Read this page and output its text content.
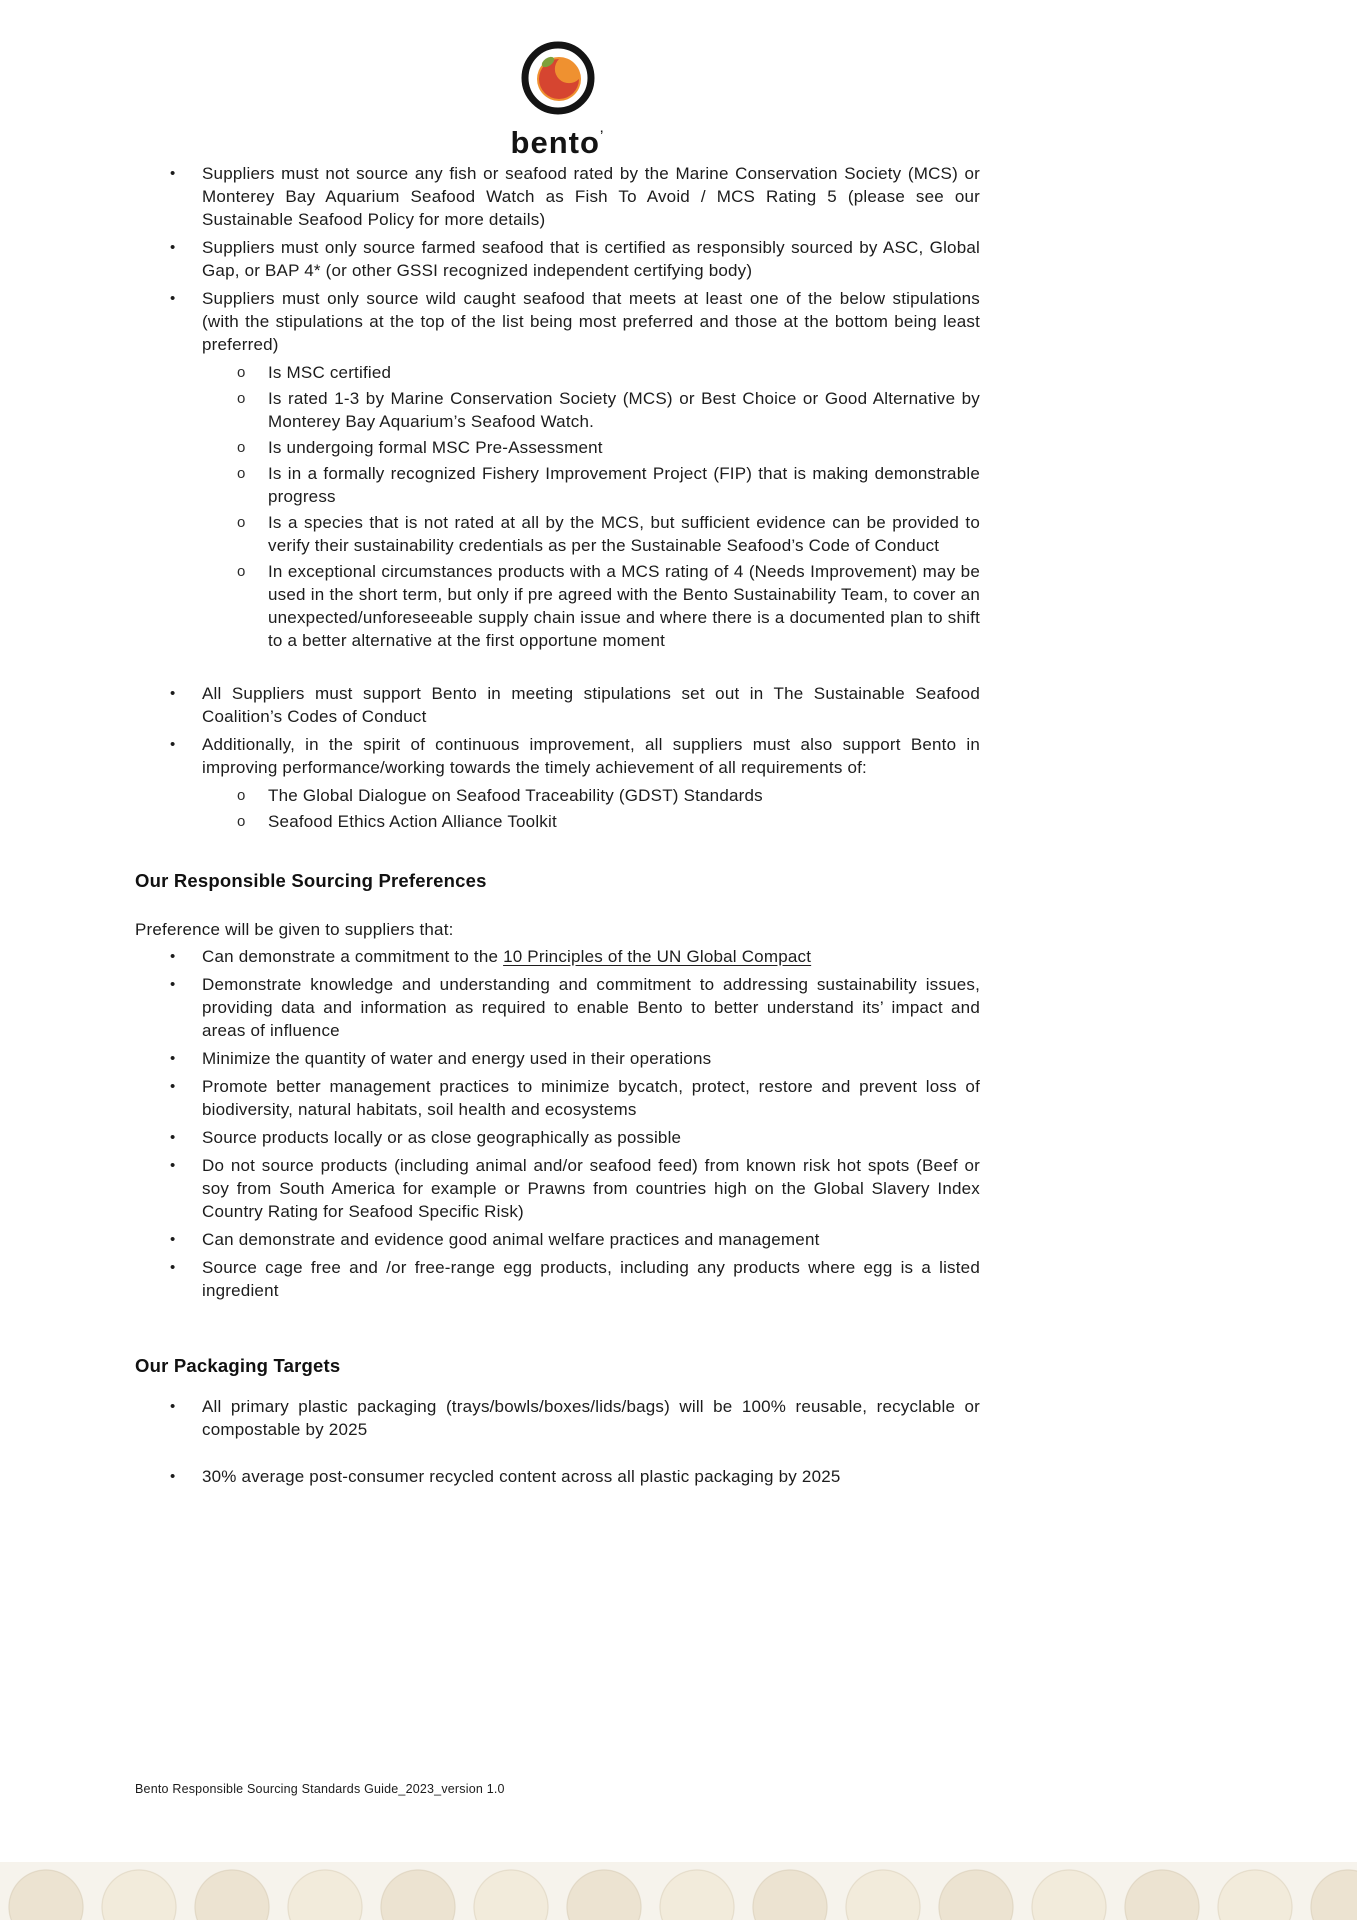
bento’
•	Suppliers must not source any fish or seafood rated by the Marine Conservation Society (MCS) or Monterey Bay Aquarium Seafood Watch as Fish To Avoid / MCS Rating 5 (please see our Sustainable Seafood Policy for more details)
•	Suppliers must only source farmed seafood that is certified as responsibly sourced by ASC, Global Gap, or BAP 4* (or other GSSI recognized independent certifying body)
•	Suppliers must only source wild caught seafood that meets at least one of the below stipulations (with the stipulations at the top of the list being most preferred and those at the bottom being least preferred)
o	Is MSC certified
o	Is rated 1-3 by Marine Conservation Society (MCS) or Best Choice or Good Alternative by Monterey Bay Aquarium’s Seafood Watch.
o	Is undergoing formal MSC Pre-Assessment
o	Is in a formally recognized Fishery Improvement Project (FIP) that is making demonstrable progress
o	Is a species that is not rated at all by the MCS, but sufficient evidence can be provided to verify their sustainability credentials as per the Sustainable Seafood’s Code of Conduct
o	In exceptional circumstances products with a MCS rating of 4 (Needs Improvement) may be used in the short term, but only if pre agreed with the Bento Sustainability Team, to cover an unexpected/unforeseeable supply chain issue and where there is a documented plan to shift to a better alternative at the first opportune moment
•	All Suppliers must support Bento in meeting stipulations set out in The Sustainable Seafood Coalition’s Codes of Conduct
•	Additionally, in the spirit of continuous improvement, all suppliers must also support Bento in improving performance/working towards the timely achievement of all requirements of:
o	The Global Dialogue on Seafood Traceability (GDST) Standards
o	Seafood Ethics Action Alliance Toolkit
Our Responsible Sourcing Preferences

Preference will be given to suppliers that:

•	Can demonstrate a commitment to the 10 Principles of the UN Global Compact
•	Demonstrate knowledge and understanding and commitment to addressing sustainability issues, providing data and information as required to enable Bento to better understand its’ impact and areas of influence
•	Minimize the quantity of water and energy used in their operations
•	Promote better management practices to minimize bycatch, protect, restore and prevent loss of biodiversity, natural habitats, soil health and ecosystems
•	Source products locally or as close geographically as possible
•	Do not source products (including animal and/or seafood feed) from known risk hot spots (Beef or soy from South America for example or Prawns from countries high on the Global Slavery Index Country Rating for Seafood Specific Risk)
•	Can demonstrate and evidence good animal welfare practices and management
•	Source cage free and /or free-range egg products, including any products where egg is a listed ingredient
Our Packaging Targets
•	All primary plastic packaging (trays/bowls/boxes/lids/bags) will be 100% reusable, recyclable or compostable by 2025
•	30% average post-consumer recycled content across all plastic packaging by 2025
Bento Responsible Sourcing Standards Guide_2023_version 1.0
